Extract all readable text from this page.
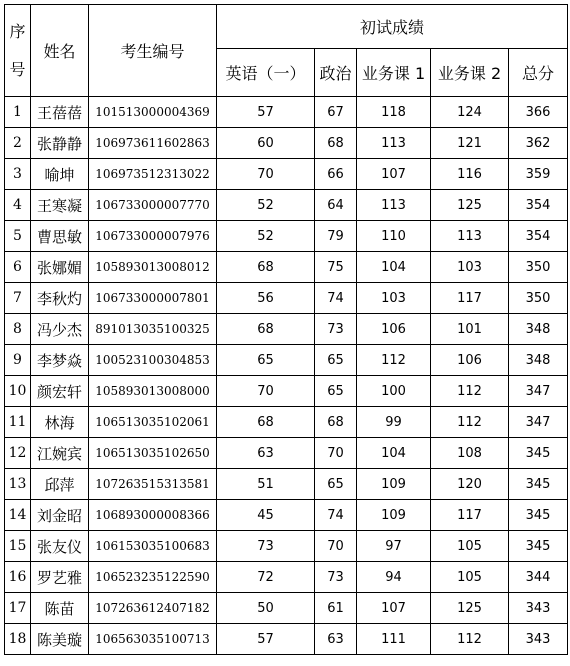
序
号	姓名	考生编号	初试成绩				
			英语（一）	政治	业务课 1	业务课 2	总分
1	王蓓蓓	101513000004369	57	67	118	124	366
2	张静静	106973611602863	60	68	113	121	362
3	喻坤	106973512313022	70	66	107	116	359
4	王寒凝	106733000007770	52	64	113	125	354
5	曹思敏	106733000007976	52	79	110	113	354
6	张娜媚	105893013008012	68	75	104	103	350
7	李秋灼	106733000007801	56	74	103	117	350
8	冯少杰	891013035100325	68	73	106	101	348
9	李梦焱	100523100304853	65	65	112	106	348
10	颜宏轩	105893013008000	70	65	100	112	347
11	林海	106513035102061	68	68	99	112	347
12	江婉宾	106513035102650	63	70	104	108	345
13	邱萍	107263515313581	51	65	109	120	345
14	刘金昭	106893000008366	45	74	109	117	345
15	张友仪	106153035100683	73	70	97	105	345
16	罗艺雅	106523235122590	72	73	94	105	344
17	陈苗	107263612407182	50	61	107	125	343
18	陈美璇	106563035100713	57	63	111	112	343
